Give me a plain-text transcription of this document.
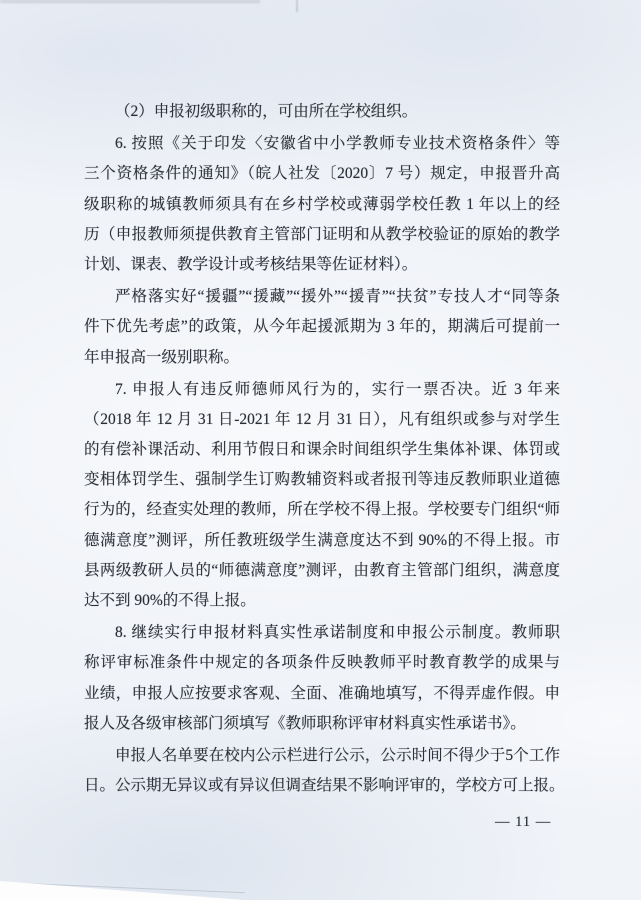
（2）申报初级职称的，可由所在学校组织。
6. 按照《关于印发〈安徽省中小学教师专业技术资格条件〉等
三个资格条件的通知》（皖人社发〔2020〕7 号）规定，申报晋升高
级职称的城镇教师须具有在乡村学校或薄弱学校任教 1 年以上的经
历（申报教师须提供教育主管部门证明和从教学校验证的原始的教学
计划、课表、教学设计或考核结果等佐证材料）。
严格落实好“援疆”“援藏”“援外”“援青”“扶贫”专技人才“同等条
件下优先考虑”的政策，从今年起援派期为 3 年的，期满后可提前一
年申报高一级别职称。
7. 申报人有违反师德师风行为的，实行一票否决。近 3 年来
（2018 年 12 月 31 日-2021 年 12 月 31 日），凡有组织或参与对学生
的有偿补课活动、利用节假日和课余时间组织学生集体补课、体罚或
变相体罚学生、强制学生订购教辅资料或者报刊等违反教师职业道德
行为的，经查实处理的教师，所在学校不得上报。学校要专门组织“师
德满意度”测评，所任教班级学生满意度达不到 90%的不得上报。市
县两级教研人员的“师德满意度”测评，由教育主管部门组织，满意度
达不到 90%的不得上报。
8. 继续实行申报材料真实性承诺制度和申报公示制度。教师职
称评审标准条件中规定的各项条件反映教师平时教育教学的成果与
业绩，申报人应按要求客观、全面、准确地填写，不得弄虚作假。申
报人及各级审核部门须填写《教师职称评审材料真实性承诺书》。
申报人名单要在校内公示栏进行公示，公示时间不得少于5个工作
日。公示期无异议或有异议但调查结果不影响评审的，学校方可上报。
— 11 —
